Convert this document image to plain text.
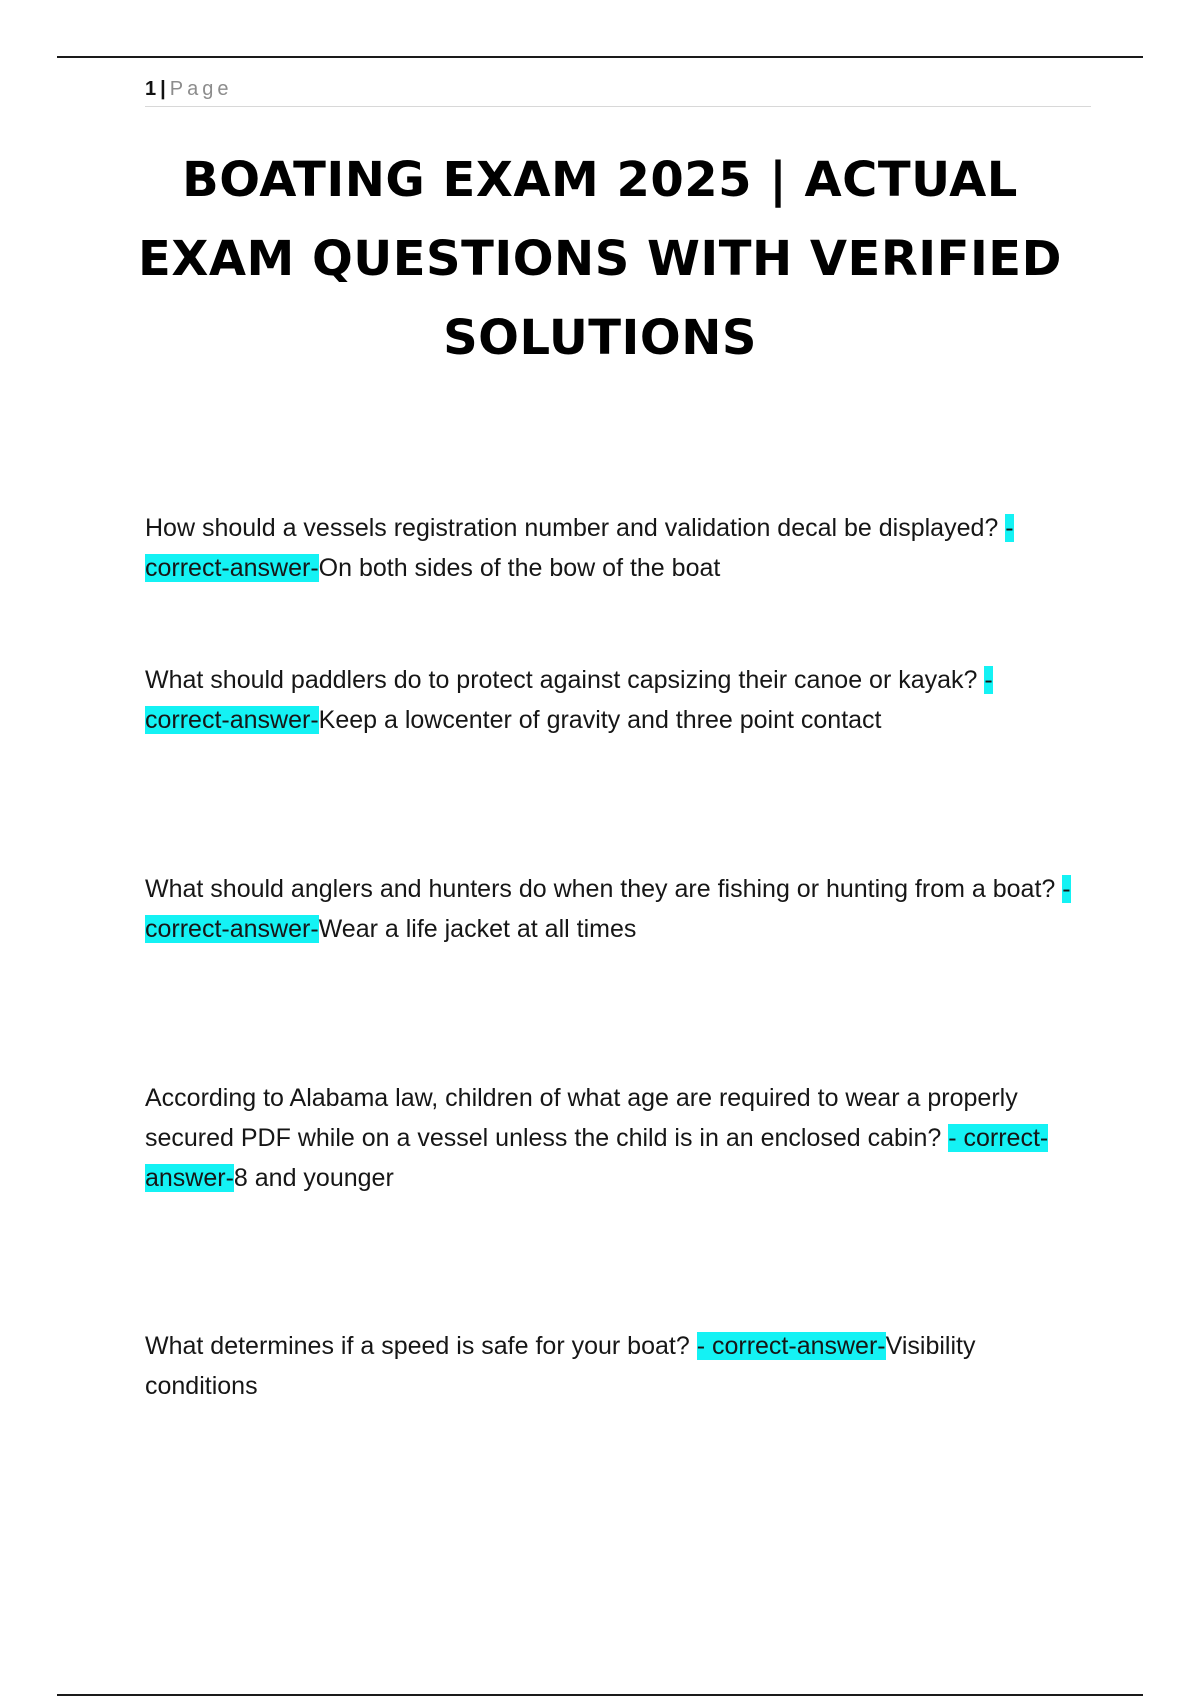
1 | Page
BOATING EXAM 2025 | ACTUAL EXAM QUESTIONS WITH VERIFIED SOLUTIONS
How should a vessels registration number and validation decal be displayed? - correct-answer-On both sides of the bow of the boat
What should paddlers do to protect against capsizing their canoe or kayak? - correct-answer-Keep a lowcenter of gravity and three point contact
What should anglers and hunters do when they are fishing or hunting from a boat? - correct-answer-Wear a life jacket at all times
According to Alabama law, children of what age are required to wear a properly secured PDF while on a vessel unless the child is in an enclosed cabin? - correct-answer-8 and younger
What determines if a speed is safe for your boat? - correct-answer-Visibility conditions
